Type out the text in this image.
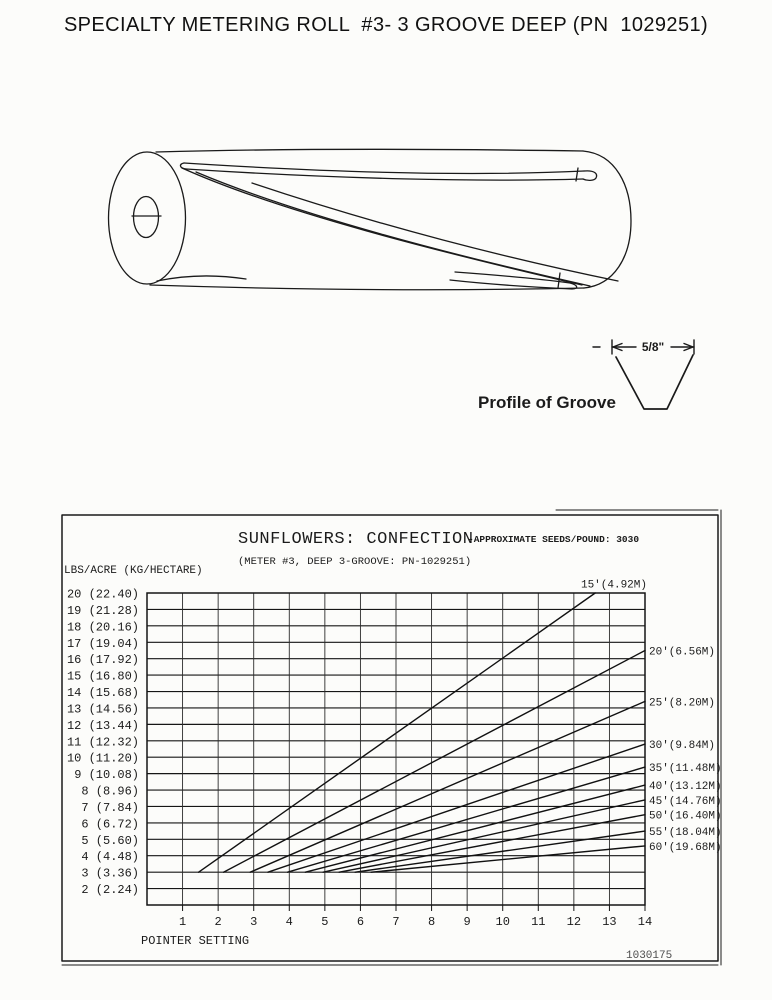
SPECIALTY METERING ROLL  #3- 3 GROOVE DEEP (PN  1029251)
5/8"
Profile of Groove
SUNFLOWERS: CONFECTION
-APPROXIMATE SEEDS/POUND: 3030
(METER #3, DEEP 3-GROOVE: PN-1029251)
LBS/ACRE (KG/HECTARE)
POINTER SETTING
1030175
1 2 3 4 5 6 7 8 9 10 11 12 13 14
20 (22.40)
19 (21.28)
18 (20.16)
17 (19.04)
16 (17.92)
15 (16.80)
14 (15.68)
13 (14.56)
12 (13.44)
11 (12.32)
10 (11.20)
9 (10.08)
8 (8.96)
7 (7.84)
6 (6.72)
5 (5.60)
4 (4.48)
3 (3.36)
2 (2.24)
15'(4.92M)
20'(6.56M)
25'(8.20M)
30'(9.84M)
35'(11.48M)
40'(13.12M)
45'(14.76M)
50'(16.40M)
55'(18.04M)
60'(19.68M)
